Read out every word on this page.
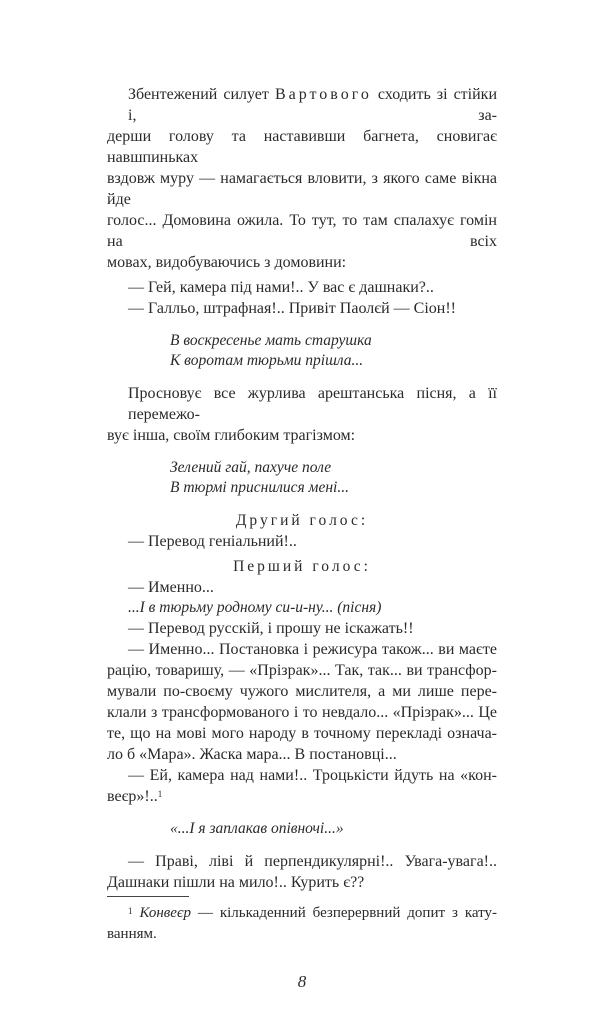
Збентежений силует Вартового сходить зі стійки і, за-
дерши голову та наставивши багнета, сновигає навшпиньках
вздовж муру — намагається вловити, з якого саме вікна йде
голос... Домовина ожила. То тут, то там спалахує гомін на всіх
мовах, видобуваючись з домовини:
— Гей, камера під нами!.. У вас є дашнаки?..
— Галльо, штрафная!.. Привіт Паолєй — Сіон!!
В воскресенье мать старушка
К воротам тюрьми прішла...
Просновує все журлива арештанська пісня, а її перемежо-
вує інша, своїм глибоким трагізмом:
Зелений гай, пахуче поле
В тюрмі приснилися мені...
Другий голос:
— Перевод геніальний!..
Перший голос:
— Именно...
...І в тюрьму родному си-и-ну... (пісня)
— Перевод русскій, і прошу не іскажать!!
— Именно... Постановка і режисура також... ви маєте
рацію, товаришу, — «Прізрак»... Так, так... ви трансфор-
мували по-своєму чужого мислителя, а ми лише пере-
клали з трансформованого і то невдало... «Прізрак»... Це
те, що на мові мого народу в точному перекладі означа-
ло б «Мара». Жаска мара... В постановці...
— Ей, камера над нами!.. Троцькісти йдуть на «кон-
веєр»!..$^1$
«...І я заплакав опівночі...»
— Праві, ліві й перпендикулярні!.. Увага-увага!..
Дашнаки пішли на мило!.. Курить є??
$^1$ Конвеєр — кількаденний безперервний допит з кату-
ванням.
8
